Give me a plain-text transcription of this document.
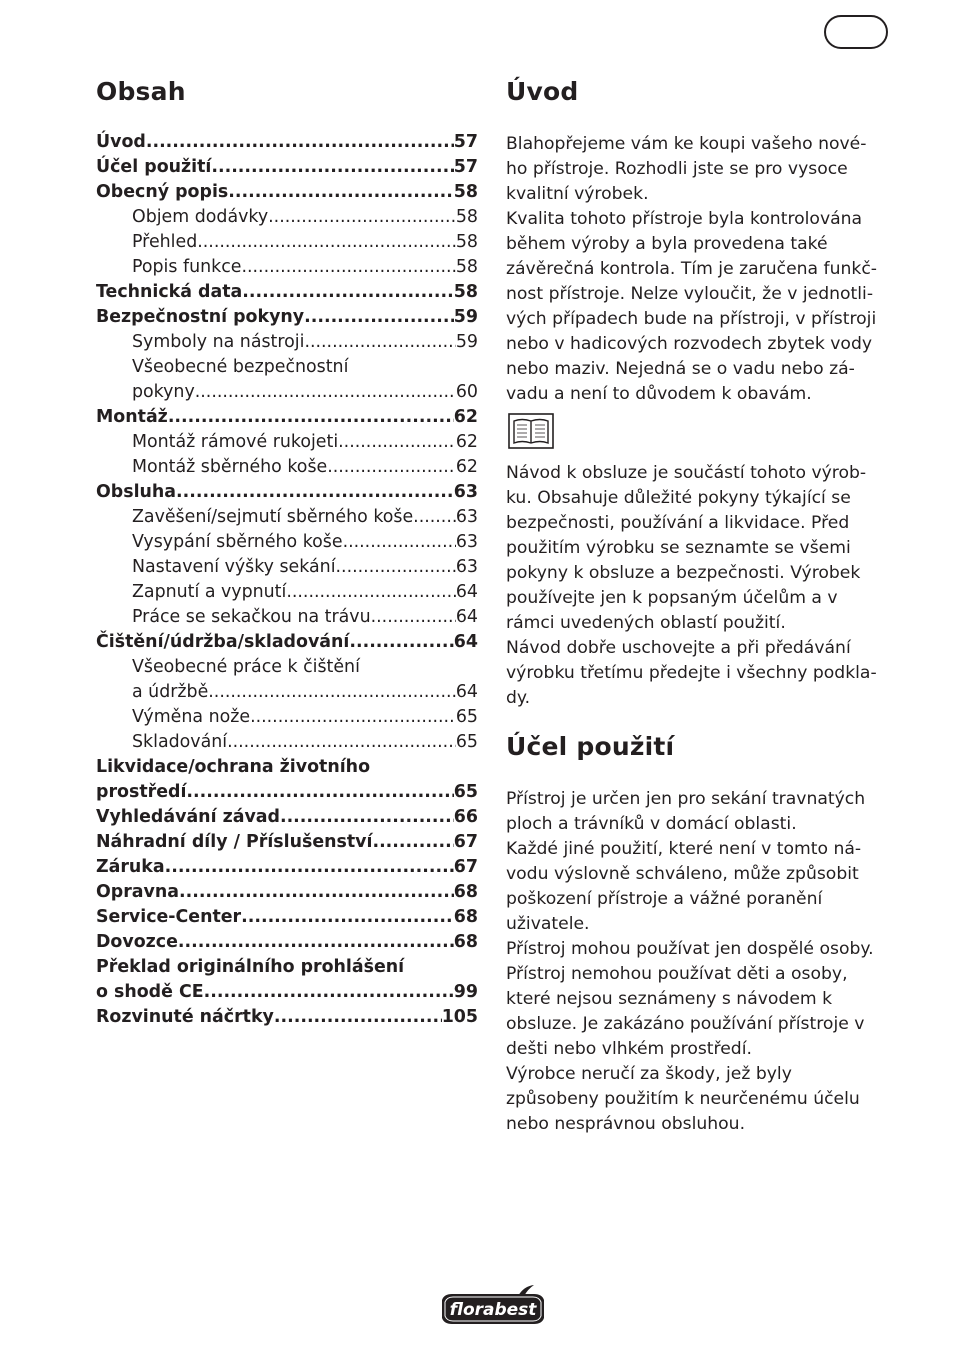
Obsah
Úvod .....	57
Účel použití .....	57
Obecný popis .....	58
Objem dodávky .....	58
Přehled .....	58
Popis funkce .....	58
Technická data .....	58
Bezpečnostní pokyny .....	59
Symboly na nástroji .....	59
Všeobecné bezpečnostní
pokyny .....	60
Montáž .....	62
Montáž rámové rukojeti .....	62
Montáž sběrného koše .....	62
Obsluha .....	63
Zavěšení/sejmutí sběrného koše ..... 63
Vysypání sběrného koše .....	63
Nastavení výšky sekání .....	63
Zapnutí a vypnutí .....	64
Práce se sekačkou na trávu .....	64
Čištění/údržba/skladování .....	64
Všeobecné práce k čištění
a údržbě .....	64
Výměna nože .....	65
Skladování .....	65
Likvidace/ochrana životního
prostředí .....	65
Vyhledávání závad .....	66
Náhradní díly / Příslušenství .....	67
Záruka .....	67
Opravna .....	68
Service-Center .....	68
Dovozce .....	68
Překlad originálního prohlášení
o shodě CE .....	99
Rozvinuté náčrtky .....	105
Úvod

Blahopřejeme vám ke koupi vašeho nové-

ho přístroje. Rozhodli jste se pro vysoce

kvalitní výrobek.

Kvalita tohoto přístroje byla kontrolována

během výroby a byla provedena také

závěrečná kontrola. Tím je zaručena funkč-

nost přístroje. Nelze vyloučit, že v jednotli-

vých případech bude na přístroji, v přístroji

nebo v hadicových rozvodech zbytek vody

nebo maziv. Nejedná se o vadu nebo zá-

vadu a není to důvodem k obavám.

Návod k obsluze je součástí tohoto výrob-

ku. Obsahuje důležité pokyny týkající se

bezpečnosti, používání a likvidace. Před

použitím výrobku se seznamte se všemi

pokyny k obsluze a bezpečnosti. Výrobek

používejte jen k popsaným účelům a v

rámci uvedených oblastí použití.

Návod dobře uschovejte a při předávání

výrobku třetímu předejte i všechny podkla-

dy.

Účel použití

Přístroj je určen jen pro sekání travnatých

ploch a trávníků v domácí oblasti.

Každé jiné použití, které není v tomto ná-

vodu výslovně schváleno, může způsobit

poškození přístroje a vážné poranění

uživatele.

Přístroj mohou používat jen dospělé osoby.

Přístroj nemohou používat děti a osoby,

které nejsou seznámeny s návodem k

obsluze. Je zakázáno používání přístroje v

dešti nebo vlhkém prostředí.

Výrobce neručí za škody, jež byly

způsobeny použitím k neurčenému účelu

nebo nesprávnou obsluhou.

florabest
